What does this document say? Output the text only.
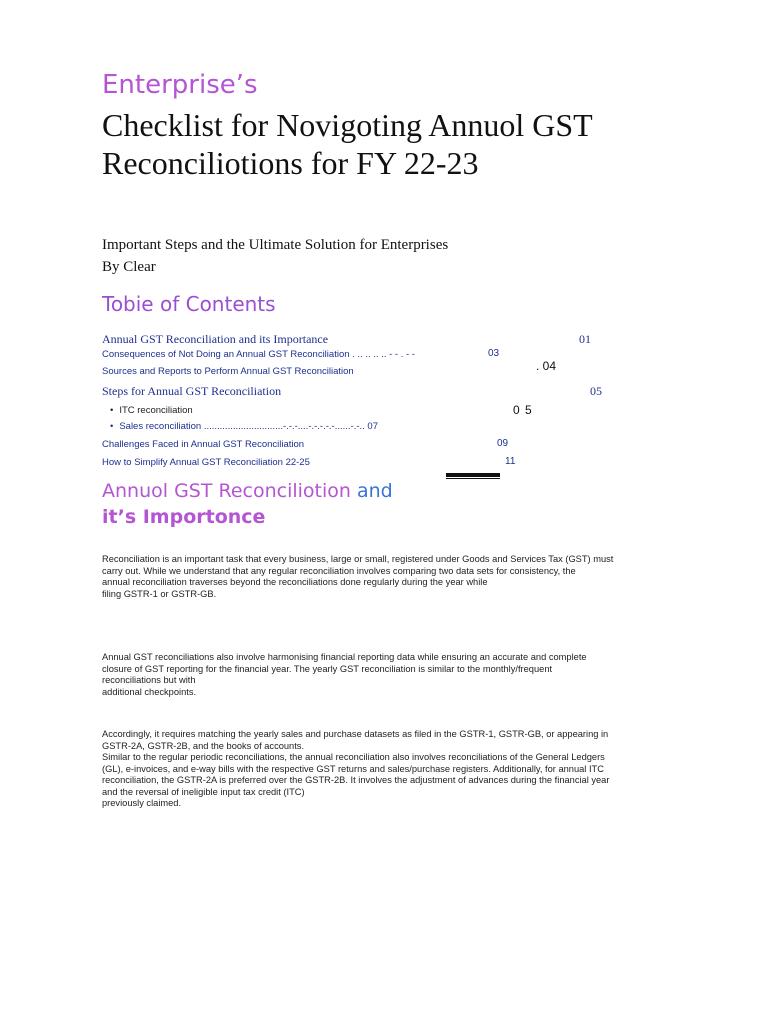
Enterprise’s
Checklist for Novigoting Annuol GST
Reconciliotions for FY 22-23
Important Steps and the Ultimate Solution for Enterprises
By Clear
Tobie of Contents
Annual GST Reconciliation and its Importance	01
Consequences of Not Doing an Annual GST Reconciliation . .. .. .. .. - - . - -	03
Sources and Reports to Perform Annual GST Reconciliation	. 04
Steps for Annual GST Reconciliation	05
• ITC reconciliation	0 5
• Sales reconciliation ..............................-.-.-....-.-.-.-.-......-.-.. 07
Challenges Faced in Annual GST Reconciliation	09
How to Simplify Annual GST Reconciliation 22-25	11
Annuol GST Reconciliotion and
it’s Importonce
Reconciliation is an important task that every business, large or small, registered under Goods and Services Tax (GST) must
carry out. While we understand that any regular reconciliation involves comparing two data sets for consistency, the
annual reconciliation traverses beyond the reconciliations done regularly during the year while
filing GSTR-1 or GSTR-GB.
Annual GST reconciliations also involve harmonising financial reporting data while ensuring an accurate and complete
closure of GST reporting for the financial year. The yearly GST reconciliation is similar to the monthly/frequent
reconciliations but with
additional checkpoints.
Accordingly, it requires matching the yearly sales and purchase datasets as filed in the GSTR-1, GSTR-GB, or appearing in
GSTR-2A, GSTR-2B, and the books of accounts.
Similar to the regular periodic reconciliations, the annual reconciliation also involves reconciliations of the General Ledgers
(GL), e-invoices, and e-way bills with the respective GST returns and sales/purchase registers. Additionally, for annual ITC
reconciliation, the GSTR-2A is preferred over the GSTR-2B. It involves the adjustment of advances during the financial year
and the reversal of ineligible input tax credit (ITC)
previously claimed.
